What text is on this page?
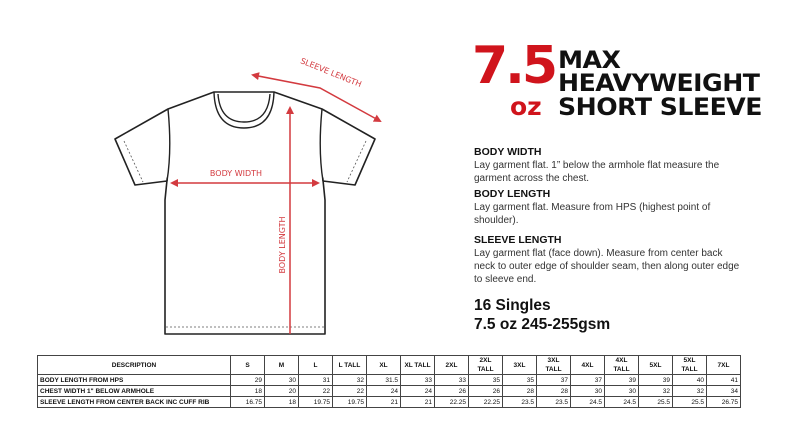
BODY WIDTH
BODY LENGTH
SLEEVE LENGTH 7.5
oz
MAX
HEAVYWEIGHT
SHORT SLEEVE
BODY WIDTH

Lay garment flat. 1” below the armhole flat measure the garment across the chest.

BODY LENGTH

Lay garment flat. Measure from HPS (highest point of shoulder).

SLEEVE LENGTH

Lay garment flat (face down). Measure from center back neck to outer edge of shoulder seam, then along outer edge to sleeve end.

16 Singles
7.5 oz 245-255gsm
DESCRIPTION	S	M	L	L TALL	XL	XL TALL	2XL	2XL TALL	3XL	3XL TALL	4XL	4XL TALL	5XL	5XL TALL	7XL
BODY LENGTH FROM HPS	29	30	31	32	31.5	33	33	35	35	37	37	39	39	40	41
CHEST WIDTH 1" BELOW ARMHOLE	18	20	22	22	24	24	26	26	28	28	30	30	32	32	34
SLEEVE LENGTH FROM CENTER BACK INC CUFF RIB	16.75	18	19.75	19.75	21	21	22.25	22.25	23.5	23.5	24.5	24.5	25.5	25.5	26.75
